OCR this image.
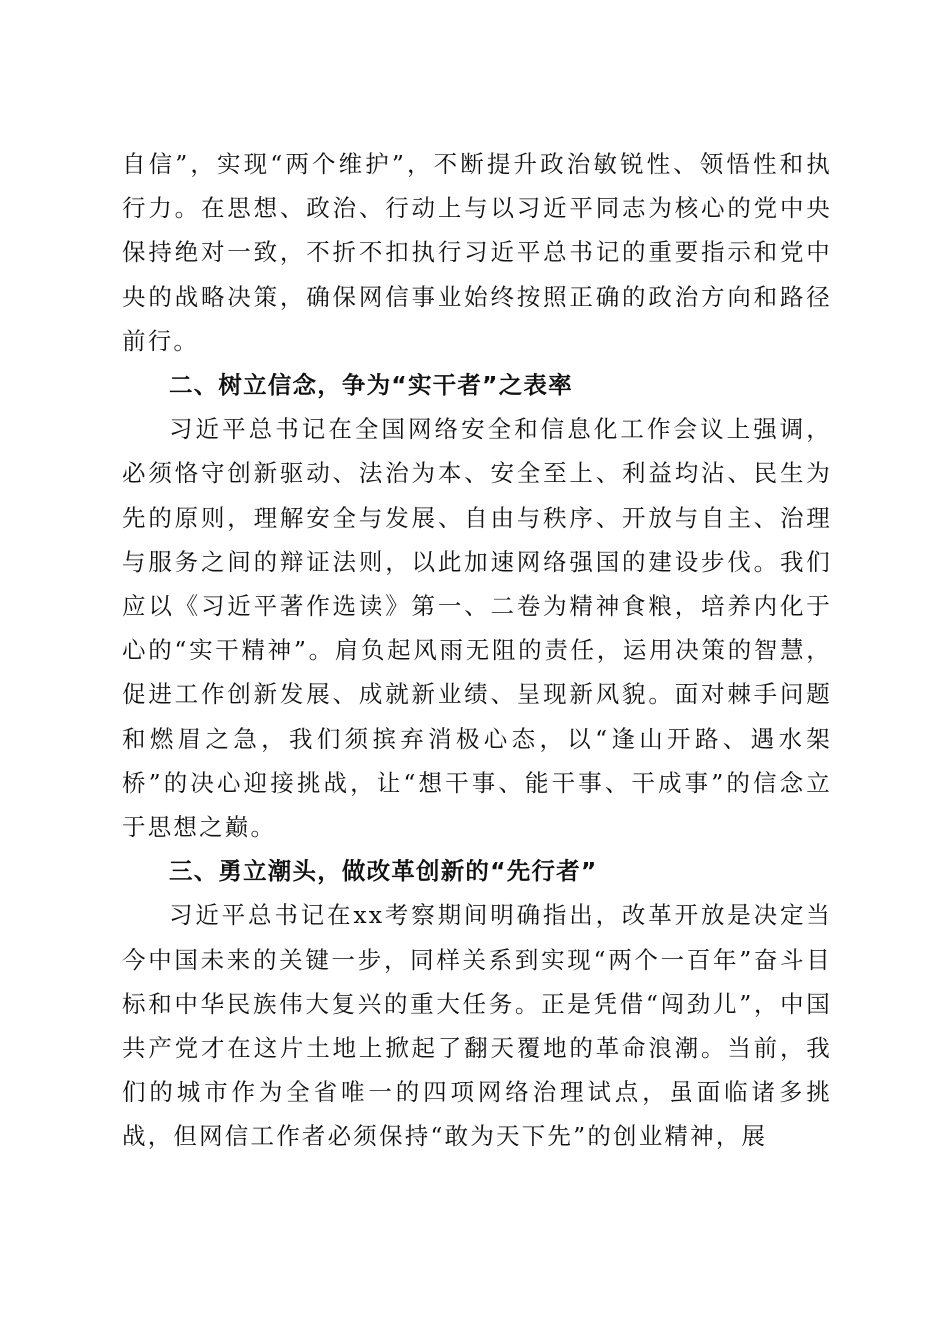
自信”，实现“两个维护”，不断提升政治敏锐性、领悟性和执行力。在思想、政治、行动上与以习近平同志为核心的党中央保持绝对一致，不折不扣执行习近平总书记的重要指示和党中央的战略决策，确保网信事业始终按照正确的政治方向和路径前行。

二、树立信念，争为“实干者”之表率

习近平总书记在全国网络安全和信息化工作会议上强调，必须恪守创新驱动、法治为本、安全至上、利益均沾、民生为先的原则，理解安全与发展、自由与秩序、开放与自主、治理与服务之间的辩证法则，以此加速网络强国的建设步伐。我们应以《习近平著作选读》第一、二卷为精神食粮，培养内化于心的“实干精神”。肩负起风雨无阻的责任，运用决策的智慧，促进工作创新发展、成就新业绩、呈现新风貌。面对棘手问题和燃眉之急，我们须摈弃消极心态，以“逢山开路、遇水架桥”的决心迎接挑战，让“想干事、能干事、干成事”的信念立于思想之巅。

三、勇立潮头，做改革创新的“先行者”

习近平总书记在xx考察期间明确指出，改革开放是决定当今中国未来的关键一步，同样关系到实现“两个一百年”奋斗目标和中华民族伟大复兴的重大任务。正是凭借“闯劲儿”，中国共产党才在这片土地上掀起了翻天覆地的革命浪潮。当前，我们的城市作为全省唯一的四项网络治理试点，虽面临诸多挑战，但网信工作者必须保持“敢为天下先”的创业精神，展
